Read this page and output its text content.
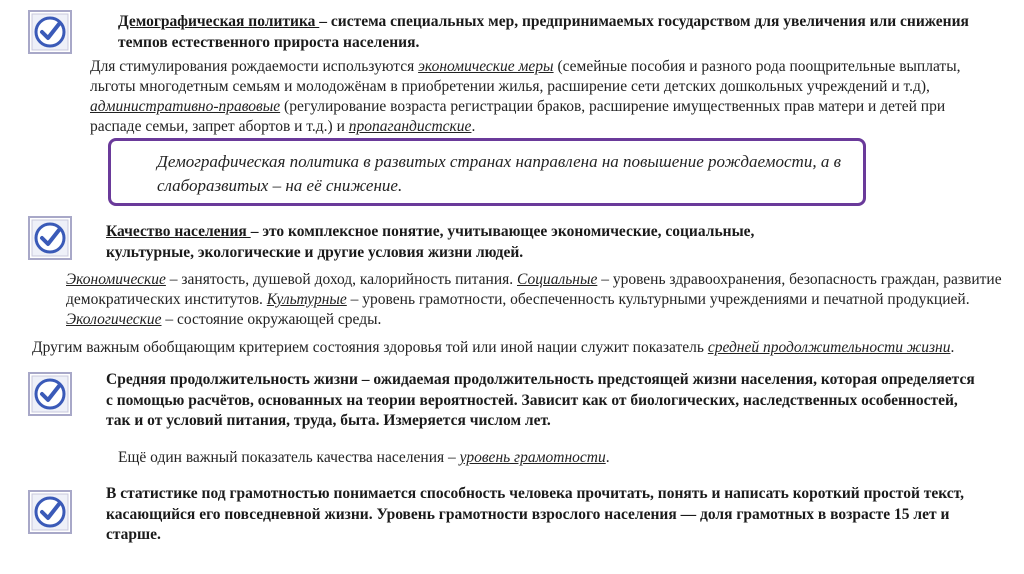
Демографическая политика – система специальных мер, предпринимаемых государством для увеличения или снижения темпов естественного прироста населения.
Для стимулирования рождаемости используются экономические меры (семейные пособия и разного рода поощрительные выплаты, льготы многодетным семьям и молодожёнам в приобретении жилья, расширение сети детских дошкольных учреждений и т.д), административно-правовые (регулирование возраста регистрации браков, расширение имущественных прав матери и детей при распаде семьи, запрет абортов и т.д.) и пропагандистские.
Демографическая политика в развитых странах направлена на повышение рождаемости, а в слаборазвитых – на её снижение.
Качество населения – это комплексное понятие, учитывающее экономические, социальные, культурные, экологические и другие условия жизни людей.
Экономические – занятость, душевой доход, калорийность питания. Социальные – уровень здравоохранения, безопасность граждан, развитие демократических институтов. Культурные – уровень грамотности, обеспеченность культурными учреждениями и печатной продукцией. Экологические – состояние окружающей среды.
Другим важным обобщающим критерием состояния здоровья той или иной нации служит показатель средней продолжительности жизни.
Средняя продолжительность жизни – ожидаемая продолжительность предстоящей жизни населения, которая определяется с помощью расчётов, основанных на теории вероятностей. Зависит как от биологических, наследственных особенностей, так и от условий питания, труда, быта. Измеряется числом лет.
Ещё один важный показатель качества населения – уровень грамотности.
В статистике под грамотностью понимается способность человека прочитать, понять и написать короткий простой текст, касающийся его повседневной жизни. Уровень грамотности взрослого населения — доля грамотных в возрасте 15 лет и старше.
